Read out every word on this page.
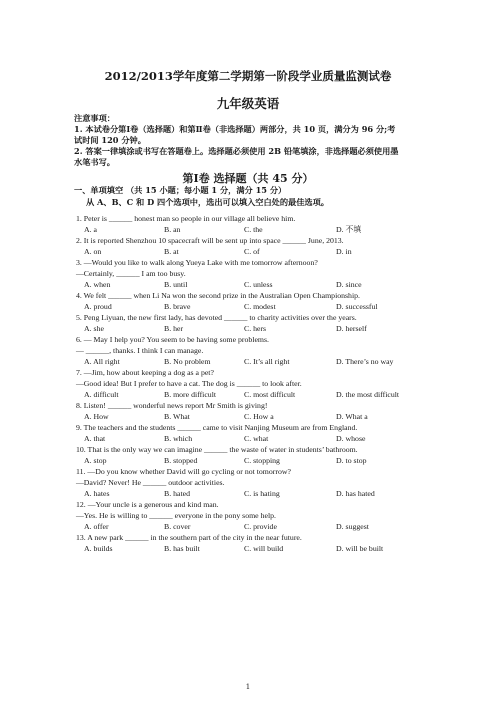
2012/2013学年度第二学期第一阶段学业质量监测试卷
九年级英语
注意事项：
1. 本试卷分第Ⅰ卷（选择题）和第Ⅱ卷（非选择题）两部分，共 10 页，满分为 96 分;考
试时间 120 分钟。
2. 答案一律填涂或书写在答题卷上。选择题必须使用 2B 铅笔填涂，非选择题必须使用墨
水笔书写。
第Ⅰ卷 选择题（共 45 分）
一、单项填空 （共 15 小题；每小题 1 分，满分 15 分）
从 A、B、C 和 D 四个选项中，选出可以填入空白处的最佳选项。
1. Peter is ______ honest man so people in our village all believe him.
A. a	B. an	C. the	D. 不填
2. It is reported Shenzhou 10 spacecraft will be sent up into space ______ June, 2013.
A. on	B. at	C. of	D. in
3. —Would you like to walk along Yueya Lake with me tomorrow afternoon?
—Certainly, ______ I am too busy.
A. when	B. until	C. unless	D. since
4. We felt ______ when Li Na won the second prize in the Australian Open Championship.
A. proud	B. brave	C. modest	D. successful
5. Peng Liyuan, the new first lady, has devoted ______ to charity activities over the years.
A. she	B. her	C. hers	D. herself
6. — May I help you? You seem to be having some problems.
— ______, thanks. I think I can manage.
A. All right	B. No problem	C. It’s all right	D. There’s no way
7. —Jim, how about keeping a dog as a pet?
—Good idea! But I prefer to have a cat. The dog is ______ to look after.
A. difficult	B. more difficult	C. most difficult	D. the most difficult
8. Listen! ______ wonderful news report Mr Smith is giving!
A. How	B. What	C. How a	D. What a
9. The teachers and the students ______ came to visit Nanjing Museum are from England.
A. that	B. which	C. what	D. whose
10. That is the only way we can imagine ______ the waste of water in students’ bathroom.
A. stop	B. stopped	C. stopping	D. to stop
11. —Do you know whether David will go cycling or not tomorrow?
—David? Never! He ______ outdoor activities.
A. hates	B. hated	C. is hating	D. has hated
12. —Your uncle is a generous and kind man.
—Yes. He is willing to ______ everyone in the pony some help.
A. offer	B. cover	C. provide	D. suggest
13. A new park ______ in the southern part of the city in the near future.
A. builds	B. has built	C. will build	D. will be built
1
